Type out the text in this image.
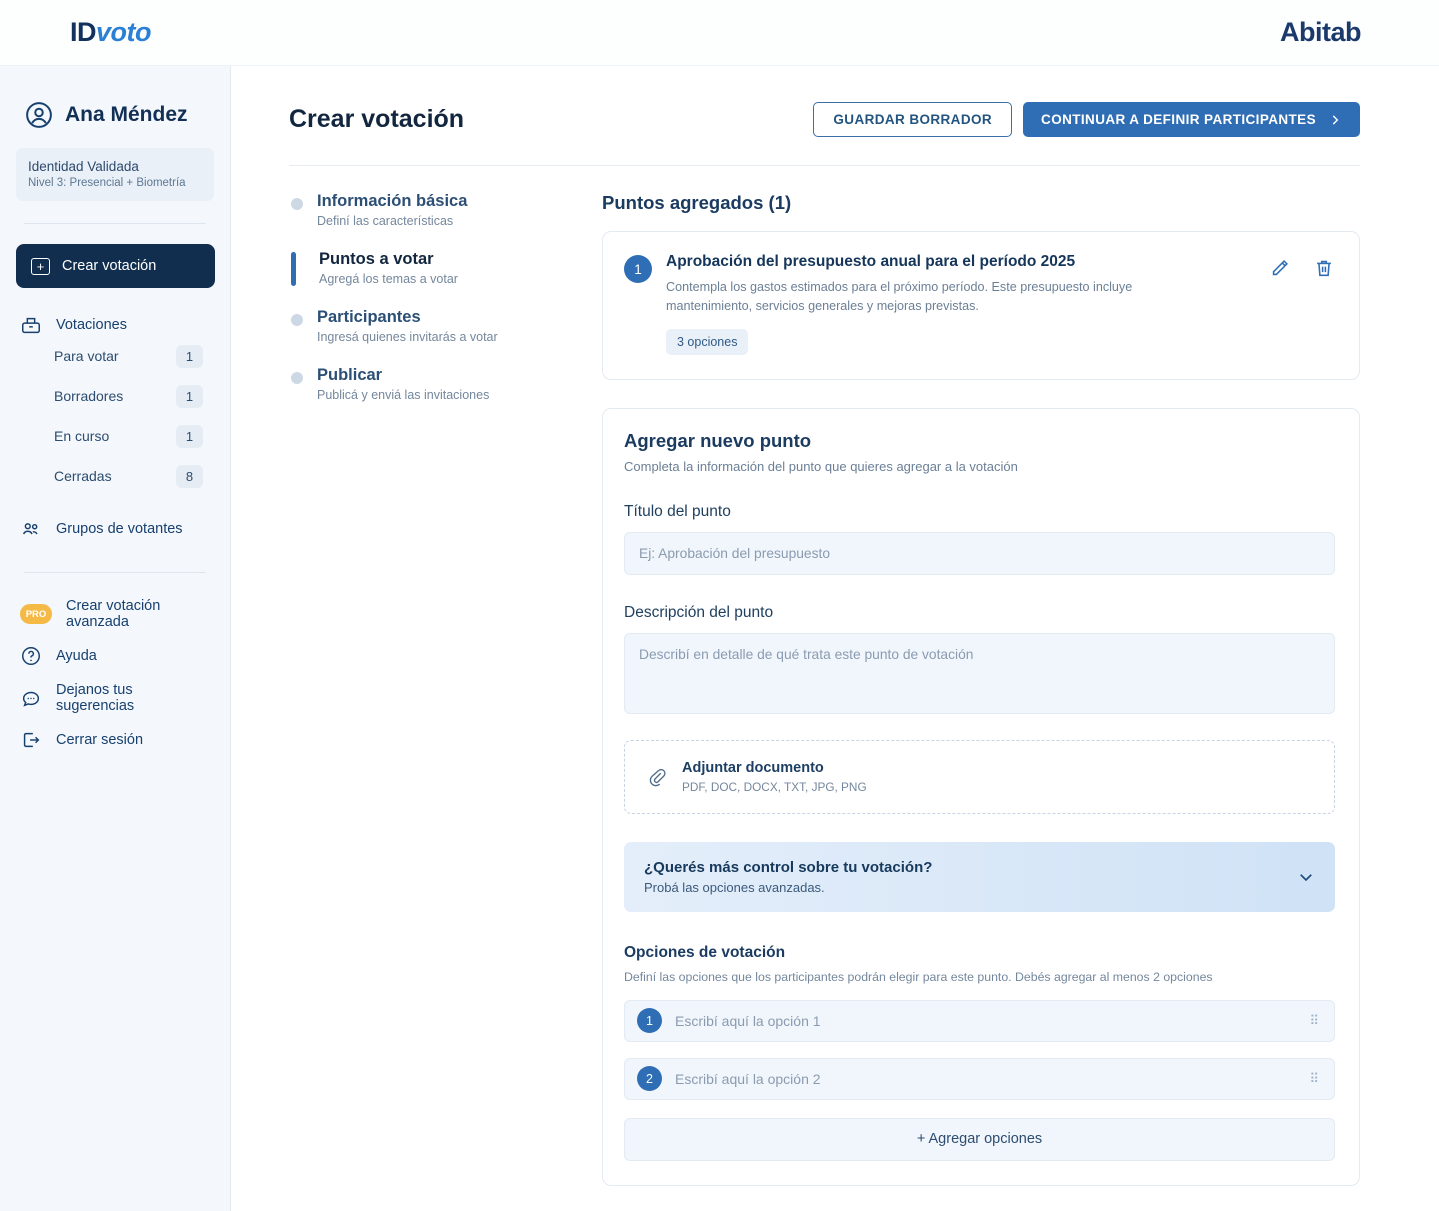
IDvoto	Abitab
Ana Méndez
Identidad Validada
Nivel 3: Presencial + Biometría
+	Crear votación
Votaciones
Para votar	1
Borradores	1
En curso	1
Cerradas	8
Grupos de votantes
PRO	Crear votación avanzada
Ayuda
Dejanos tus sugerencias
Cerrar sesión
Crear votación	GUARDAR BORRADOR	CONTINUAR A DEFINIR PARTICIPANTES
Información básica
Definí las características
Puntos a votar
Agregá los temas a votar
Participantes
Ingresá quienes invitarás a votar
Publicar
Publicá y enviá las invitaciones
Puntos agregados (1)
1	Aprobación del presupuesto anual para el período 2025
Contempla los gastos estimados para el próximo período. Este presupuesto incluye mantenimiento, servicios generales y mejoras previstas.
3 opciones
Agregar nuevo punto
Completa la información del punto que quieres agregar a la votación
Título del punto
Ej: Aprobación del presupuesto
Descripción del punto
Describí en detalle de qué trata este punto de votación
Adjuntar documento
PDF, DOC, DOCX, TXT, JPG, PNG
¿Querés más control sobre tu votación?
Probá las opciones avanzadas.
Opciones de votación
Definí las opciones que los participantes podrán elegir para este punto. Debés agregar al menos 2 opciones
1	Escribí aquí la opción 1	⠿
2	Escribí aquí la opción 2	⠿
+ Agregar opciones
